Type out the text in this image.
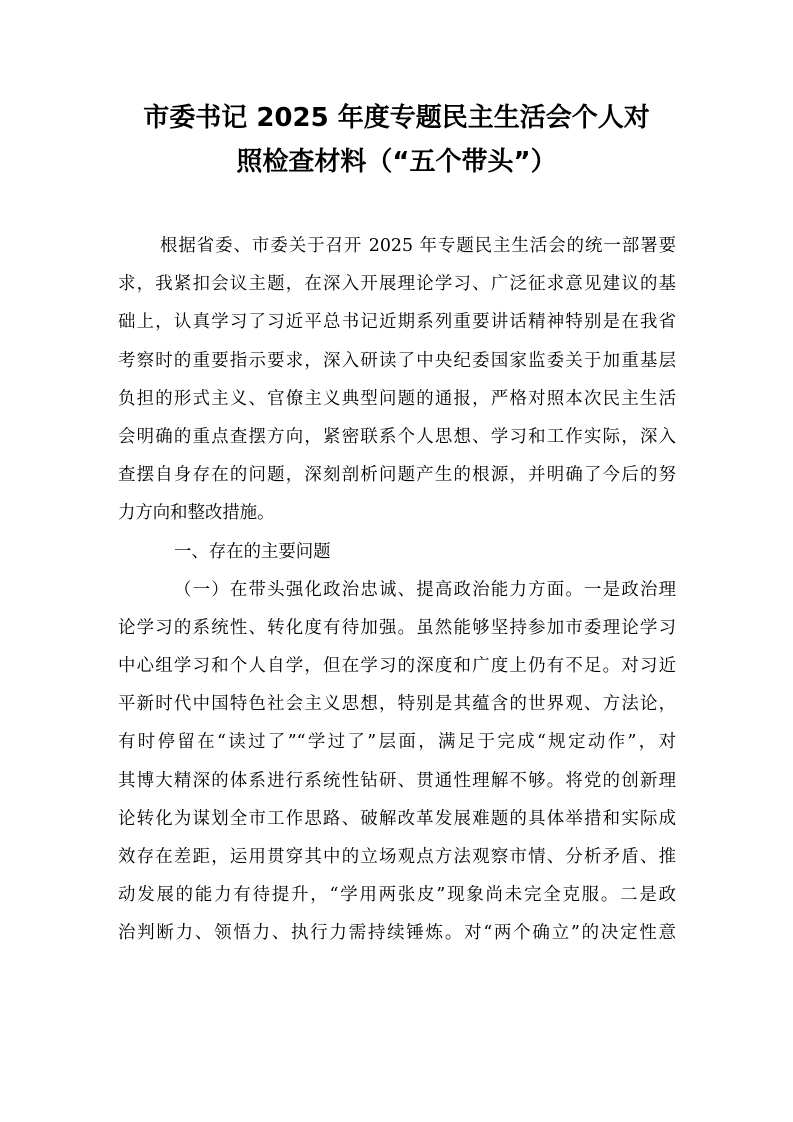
市委书记 2025 年度专题民主生活会个人对
照检查材料（“五个带头”）
根据省委、市委关于召开 2025 年专题民主生活会的统一部署要
求，我紧扣会议主题，在深入开展理论学习、广泛征求意见建议的基
础上，认真学习了习近平总书记近期系列重要讲话精神特别是在我省
考察时的重要指示要求，深入研读了中央纪委国家监委关于加重基层
负担的形式主义、官僚主义典型问题的通报，严格对照本次民主生活
会明确的重点查摆方向，紧密联系个人思想、学习和工作实际，深入
查摆自身存在的问题，深刻剖析问题产生的根源，并明确了今后的努
力方向和整改措施。
一、存在的主要问题
（一）在带头强化政治忠诚、提高政治能力方面。一是政治理
论学习的系统性、转化度有待加强。虽然能够坚持参加市委理论学习
中心组学习和个人自学，但在学习的深度和广度上仍有不足。对习近
平新时代中国特色社会主义思想，特别是其蕴含的世界观、方法论，
有时停留在“读过了”“学过了”层面，满足于完成“规定动作”，对
其博大精深的体系进行系统性钻研、贯通性理解不够。将党的创新理
论转化为谋划全市工作思路、破解改革发展难题的具体举措和实际成
效存在差距，运用贯穿其中的立场观点方法观察市情、分析矛盾、推
动发展的能力有待提升，“学用两张皮”现象尚未完全克服。二是政
治判断力、领悟力、执行力需持续锤炼。对“两个确立”的决定性意
